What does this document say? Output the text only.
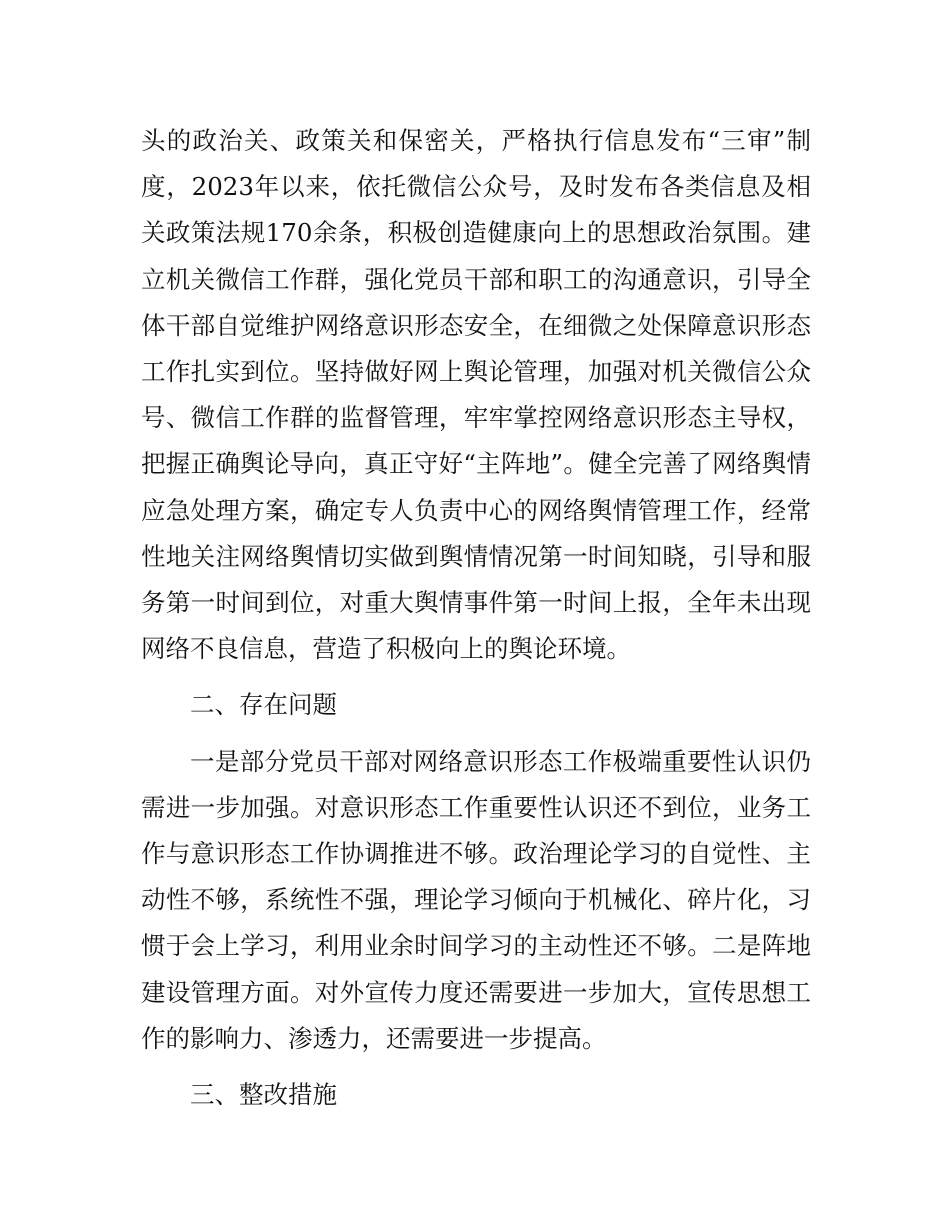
头的政治关、政策关和保密关，严格执行信息发布“三审”制度，2023年以来，依托微信公众号，及时发布各类信息及相关政策法规170余条，积极创造健康向上的思想政治氛围。建立机关微信工作群，强化党员干部和职工的沟通意识，引导全体干部自觉维护网络意识形态安全，在细微之处保障意识形态工作扎实到位。坚持做好网上舆论管理，加强对机关微信公众号、微信工作群的监督管理，牢牢掌控网络意识形态主导权，把握正确舆论导向，真正守好“主阵地”。健全完善了网络舆情应急处理方案，确定专人负责中心的网络舆情管理工作，经常性地关注网络舆情切实做到舆情情况第一时间知晓，引导和服务第一时间到位，对重大舆情事件第一时间上报，全年未出现网络不良信息，营造了积极向上的舆论环境。

二、存在问题

一是部分党员干部对网络意识形态工作极端重要性认识仍需进一步加强。对意识形态工作重要性认识还不到位，业务工作与意识形态工作协调推进不够。政治理论学习的自觉性、主动性不够，系统性不强，理论学习倾向于机械化、碎片化，习惯于会上学习，利用业余时间学习的主动性还不够。二是阵地建设管理方面。对外宣传力度还需要进一步加大，宣传思想工作的影响力、渗透力，还需要进一步提高。

三、整改措施
